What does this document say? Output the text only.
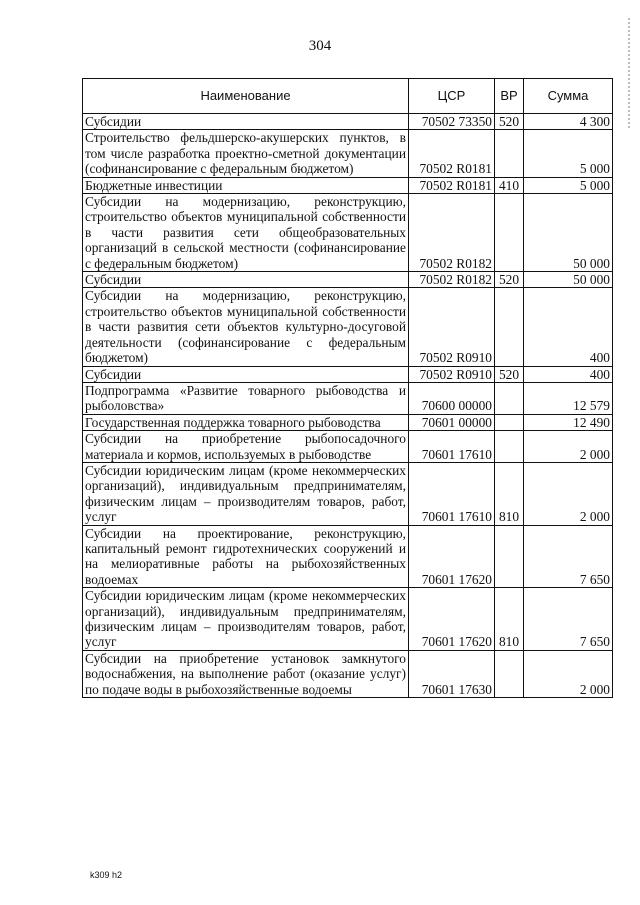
304
Наименование	ЦСР	ВР	Сумма
Субсидии	70502 73350	520	4 300
Строительство фельдшерско-акушерских пунктов, в том числе разработка проектно-сметной документации (софинансирование с федеральным бюджетом)	70502 R0181		5 000
Бюджетные инвестиции	70502 R0181	410	5 000
Субсидии на модернизацию, реконструкцию, строительство объектов муниципальной собственности в части развития сети общеобразовательных организаций в сельской местности (софинансирование с федеральным бюджетом)	70502 R0182		50 000
Субсидии	70502 R0182	520	50 000
Субсидии на модернизацию, реконструкцию, строительство объектов муниципальной собственности в части развития сети объектов культурно-досуговой деятельности (софинансирование с федеральным бюджетом)	70502 R0910		400
Субсидии	70502 R0910	520	400
Подпрограмма «Развитие товарного рыбоводства и рыболовства»	70600 00000		12 579
Государственная поддержка товарного рыбоводства	70601 00000		12 490
Субсидии на приобретение рыбопосадочного материала и кормов, используемых в рыбоводстве	70601 17610		2 000
Субсидии юридическим лицам (кроме некоммерческих организаций), индивидуальным предпринимателям, физическим лицам – производителям товаров, работ, услуг	70601 17610	810	2 000
Субсидии на проектирование, реконструкцию, капитальный ремонт гидротехнических сооружений и на мелиоративные работы на рыбохозяйственных водоемах	70601 17620		7 650
Субсидии юридическим лицам (кроме некоммерческих организаций), индивидуальным предпринимателям, физическим лицам – производителям товаров, работ, услуг	70601 17620	810	7 650
Субсидии на приобретение установок замкнутого водоснабжения, на выполнение работ (оказание услуг) по подаче воды в рыбохозяйственные водоемы	70601 17630		2 000
k309 h2
